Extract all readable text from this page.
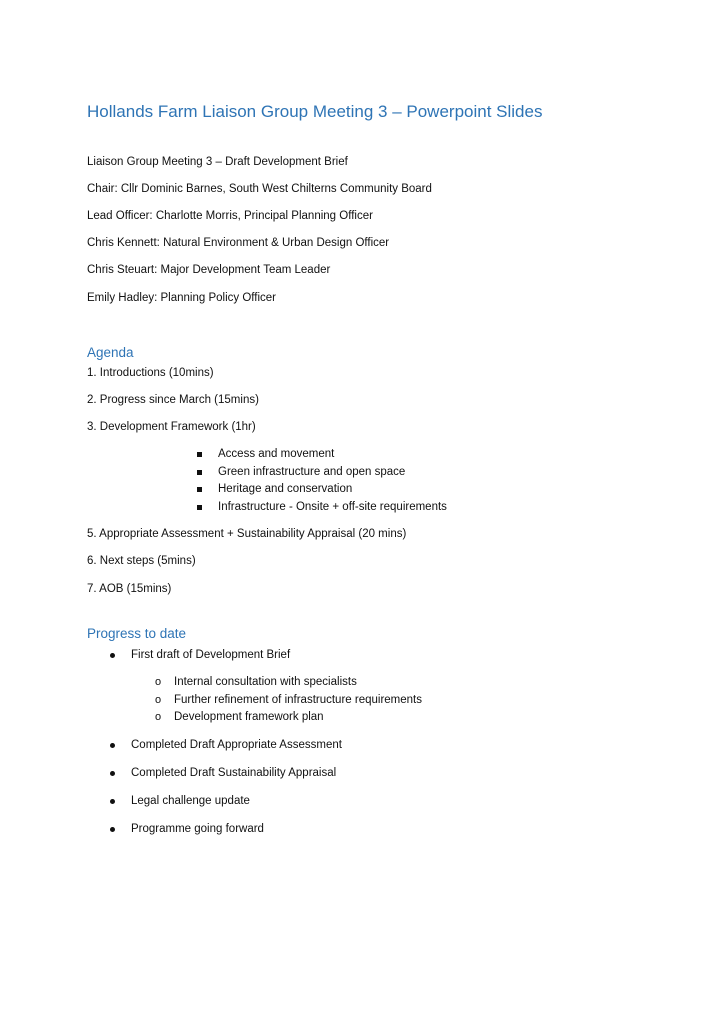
Hollands Farm Liaison Group Meeting 3 – Powerpoint Slides
Liaison Group Meeting 3 – Draft Development Brief
Chair: Cllr Dominic Barnes, South West Chilterns Community Board
Lead Officer: Charlotte Morris, Principal Planning Officer
Chris Kennett: Natural Environment & Urban Design Officer
Chris Steuart: Major Development Team Leader
Emily Hadley: Planning Policy Officer
Agenda
1. Introductions (10mins)
2. Progress since March (15mins)
3. Development Framework (1hr)
Access and movement
Green infrastructure and open space
Heritage and conservation
Infrastructure - Onsite + off-site requirements
5. Appropriate Assessment + Sustainability Appraisal (20 mins)
6. Next steps (5mins)
7. AOB (15mins)
Progress to date
First draft of Development Brief
o Internal consultation with specialists
o Further refinement of infrastructure requirements
o Development framework plan
Completed Draft Appropriate Assessment
Completed Draft Sustainability Appraisal
Legal challenge update
Programme going forward
